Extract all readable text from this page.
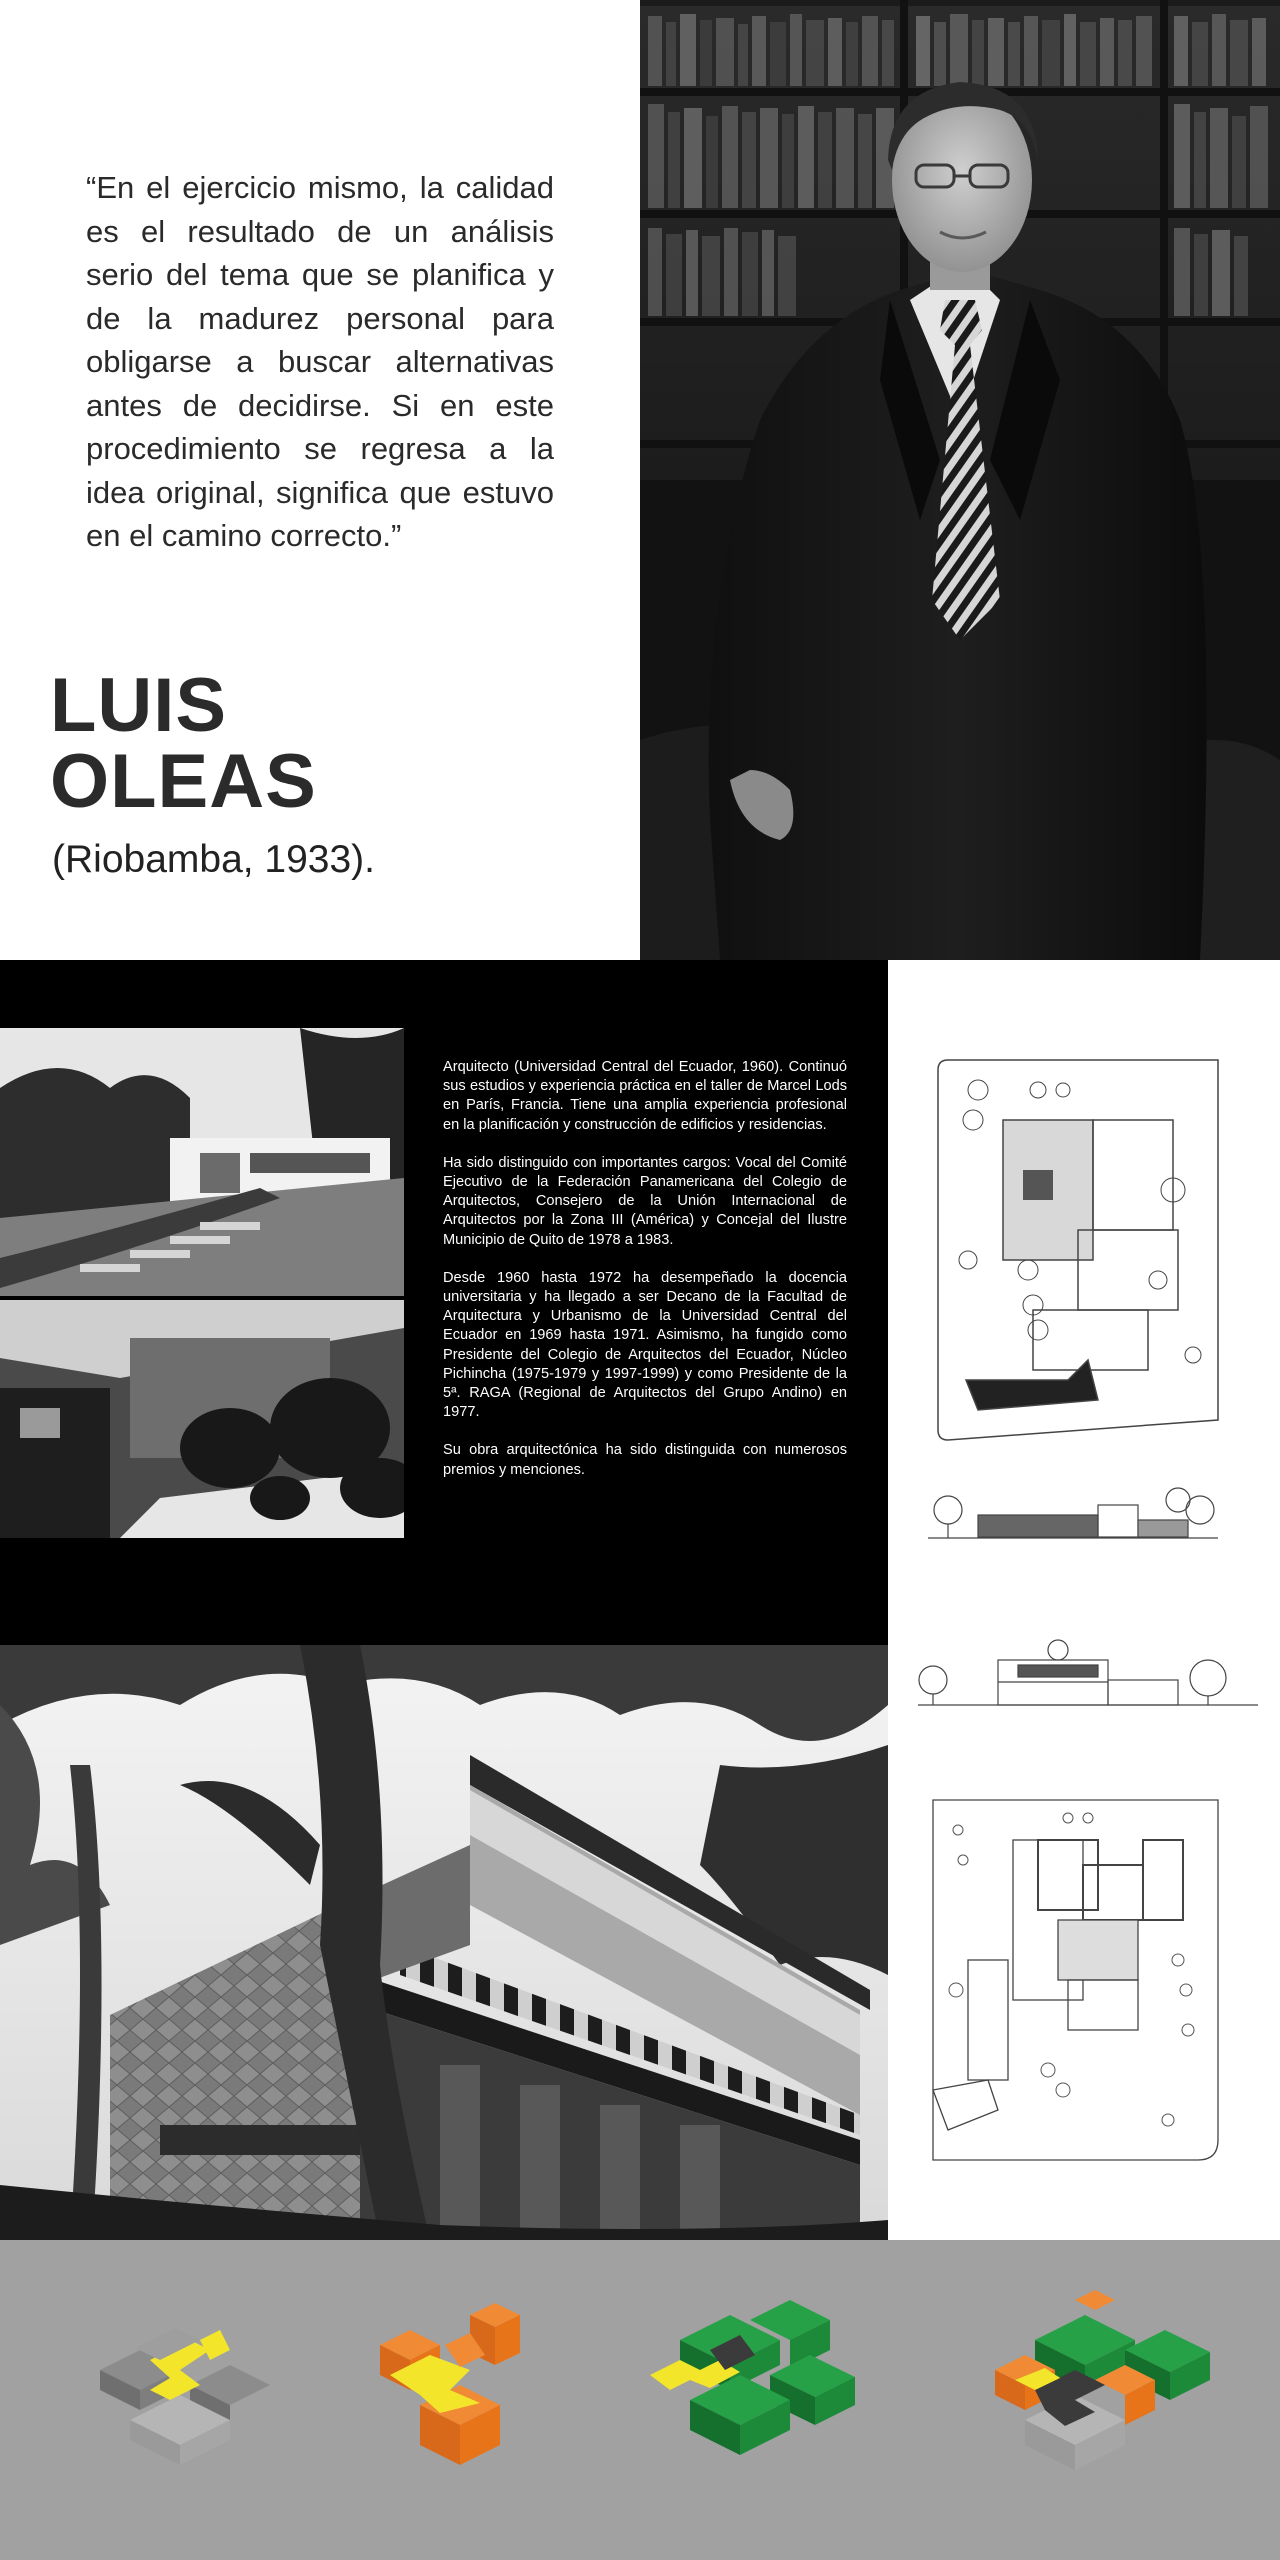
“En el ejercicio mismo, la calidad es el resultado de un análisis serio del tema que se planifica y de la madurez personal para obligarse a buscar alternativas antes de decidirse. Si en este procedimiento se regresa a la idea original, significa que estuvo en el camino correcto.”

LUIS
OLEAS
(Riobamba, 1933).

Arquitecto (Universidad Central del Ecuador, 1960). Continuó sus estudios y experiencia práctica en el taller de Marcel Lods en París, Francia. Tiene una amplia experiencia profesional en la planificación y construcción de edificios y residencias.

Ha sido distinguido con importantes cargos: Vocal del Comité Ejecutivo de la Federación Panamericana del Colegio de Arquitectos, Consejero de la Unión Internacional de Arquitectos por la Zona III (América) y Concejal del Ilustre Municipio de Quito de 1978 a 1983.

Desde 1960 hasta 1972 ha desempeñado la docencia universitaria y ha llegado a ser Decano de la Facultad de Arquitectura y Urbanismo de la Universidad Central del Ecuador en 1969 hasta 1971. Asimismo, ha fungido como Presidente del Colegio de Arquitectos del Ecuador, Núcleo Pichincha (1975-1979 y 1997-1999) y como Presidente de la 5ª. RAGA (Regional de Arquitectos del Grupo Andino) en 1977.

Su obra arquitectónica ha sido distinguida con numerosos premios y menciones.
